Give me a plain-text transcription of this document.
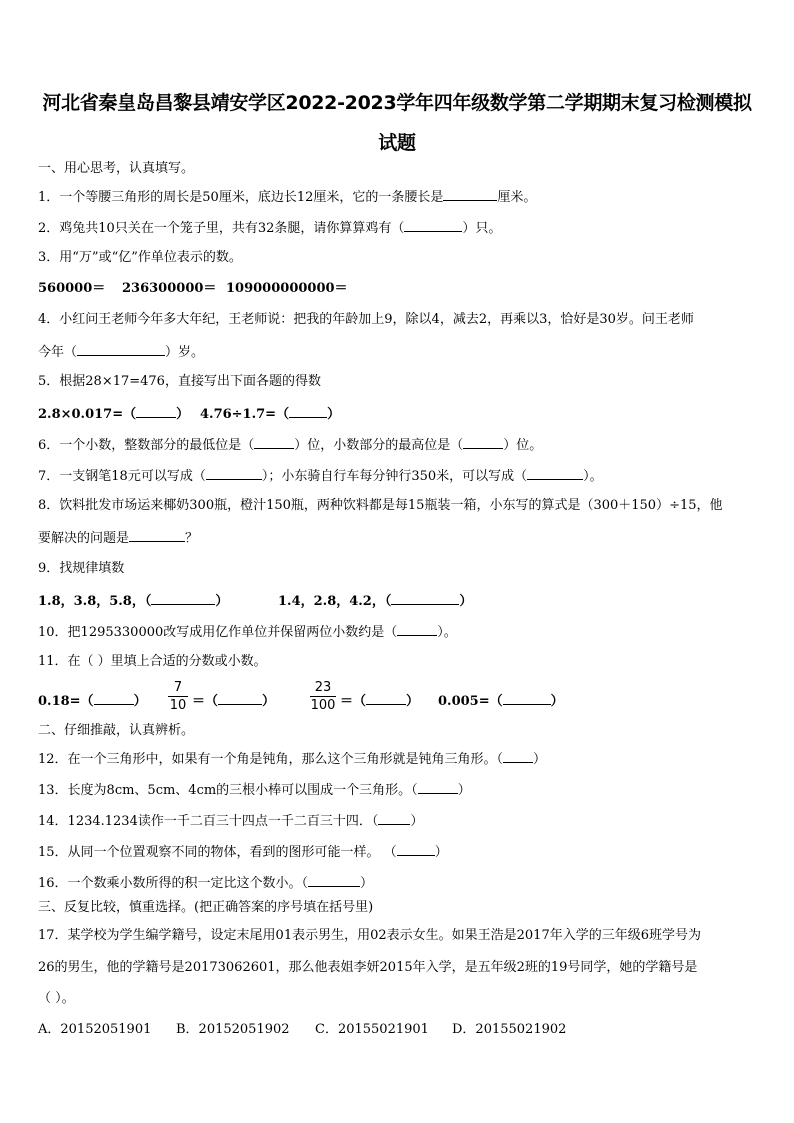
河北省秦皇岛昌黎县靖安学区2022-2023学年四年级数学第二学期期末复习检测模拟
试题
一、用心思考，认真填写。
1．一个等腰三角形的周长是50厘米，底边长12厘米，它的一条腰长是	厘米。
2．鸡兔共10只关在一个笼子里，共有32条腿，请你算算鸡有（	）只。
3．用“万”或“亿”作单位表示的数。
560000＝ 236300000＝ 109000000000＝
4．小红问王老师今年多大年纪，王老师说：把我的年龄加上9，除以4，减去2，再乘以3，恰好是30岁。问王老师
今年（	）岁。
5．根据28×17=476，直接写出下面各题的得数
2.8×0.017=（	） 4.76÷1.7=（	）
6．一个小数，整数部分的最低位是（	）位，小数部分的最高位是（	）位。
7．一支钢笔18元可以写成（	）；小东骑自行车每分钟行350米，可以写成（	）。
8．饮料批发市场运来椰奶300瓶，橙汁150瓶，两种饮料都是每15瓶装一箱，小东写的算式是（300＋150）÷15，他
要解决的问题是	？
9．找规律填数
1.8，3.8，5.8，（	）	1.4，2.8，4.2，（	）
10．把1295330000改写成用亿作单位并保留两位小数约是（	）。
11．在（ ）里填上合适的分数或小数。
0.18=（	）
7
10 ＝（	）
23
100 ＝（	） 0.005=（	）
二、仔细推敲，认真辨析。
12．在一个三角形中，如果有一个角是钝角，那么这个三角形就是钝角三角形。（ ）
13．长度为8cm、5cm、4cm的三根小棒可以围成一个三角形。（	）
14．1234.1234读作一千二百三十四点一千二百三十四．（ ）
15．从同一个位置观察不同的物体，看到的图形可能一样。 （	）
16．一个数乘小数所得的积一定比这个数小。（	）
三、反复比较，慎重选择。(把正确答案的序号填在括号里)
17．某学校为学生编学籍号，设定末尾用01表示男生，用02表示女生。如果王浩是2017年入学的三年级6班学号为
26的男生，他的学籍号是20173062601，那么他表姐李妍2015年入学，是五年级2班的19号同学，她的学籍号是
（ ）。
A．20152051901 B．20152051902 C．20155021901 D．20155021902
